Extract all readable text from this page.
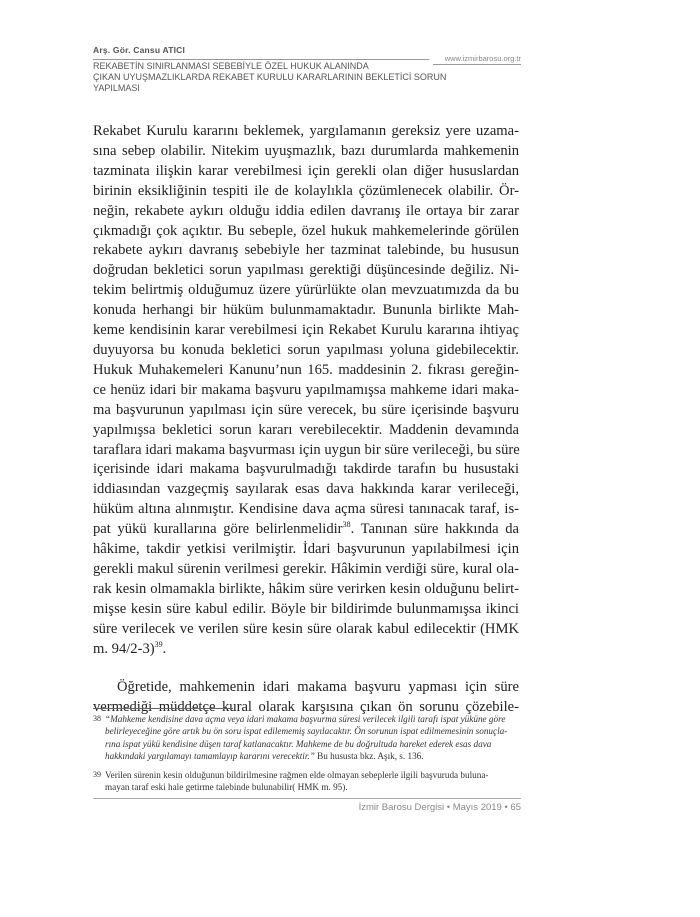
Arş. Gör. Cansu ATICI
www.izmirbarosu.org.tr
REKABETİN SINIRLANMASI SEBEBİYLE ÖZEL HUKUK ALANINDA
ÇIKAN UYUŞMAZLIKLARDA REKABET KURULU KARARLARININ BEKLETİCİ SORUN
YAPILMASI
Rekabet Kurulu kararını beklemek, yargılamanın gereksiz yere uzama-
sına sebep olabilir. Nitekim uyuşmazlık, bazı durumlarda mahkemenin
tazminata ilişkin karar verebilmesi için gerekli olan diğer hususlardan
birinin eksikliğinin tespiti ile de kolaylıkla çözümlenecek olabilir. Ör-
neğin, rekabete aykırı olduğu iddia edilen davranış ile ortaya bir zarar
çıkmadığı çok açıktır. Bu sebeple, özel hukuk mahkemelerinde görülen
rekabete aykırı davranış sebebiyle her tazminat talebinde, bu hususun
doğrudan bekletici sorun yapılması gerektiği düşüncesinde değiliz. Ni-
tekim belirtmiş olduğumuz üzere yürürlükte olan mevzuatımızda da bu
konuda herhangi bir hüküm bulunmamaktadır. Bununla birlikte Mah-
keme kendisinin karar verebilmesi için Rekabet Kurulu kararına ihtiyaç
duyuyorsa bu konuda bekletici sorun yapılması yoluna gidebilecektir.
Hukuk Muhakemeleri Kanunu’nun 165. maddesinin 2. fıkrası gereğin-
ce henüz idari bir makama başvuru yapılmamışsa mahkeme idari maka-
ma başvurunun yapılması için süre verecek, bu süre içerisinde başvuru
yapılmışsa bekletici sorun kararı verebilecektir. Maddenin devamında
taraflara idari makama başvurması için uygun bir süre verileceği, bu süre
içerisinde idari makama başvurulmadığı takdirde tarafın bu husustaki
iddiasından vazgeçmiş sayılarak esas dava hakkında karar verileceği,
hüküm altına alınmıştır. Kendisine dava açma süresi tanınacak taraf, is-
pat yükü kurallarına göre belirlenmelidir$^{38}$. Tanınan süre hakkında da
hâkime, takdir yetkisi verilmiştir. İdari başvurunun yapılabilmesi için
gerekli makul sürenin verilmesi gerekir. Hâkimin verdiği süre, kural ola-
rak kesin olmamakla birlikte, hâkim süre verirken kesin olduğunu belirt-
mişse kesin süre kabul edilir. Böyle bir bildirimde bulunmamışsa ikinci
süre verilecek ve verilen süre kesin süre olarak kabul edilecektir (HMK
m. 94/2-3)$^{39}$.
Öğretide, mahkemenin idari makama başvuru yapması için süre
vermediği müddetçe kural olarak karşısına çıkan ön sorunu çözebile-
38 “Mahkeme kendisine dava açma veya idari makama başvurma süresi verilecek ilgili tarafı ispat yüküne göre
belirleyeceğine göre artık bu ön soru ispat edilememiş sayılacaktır. Ön sorunun ispat edilmemesinin sonuçla-
rına ispat yükü kendisine düşen taraf katlanacaktır. Mahkeme de bu doğrultuda hareket ederek esas dava
hakkındaki yargılamayı tamamlayıp kararını verecektir.” Bu hususta bkz. Aşık, s. 136.
39 Verilen sürenin kesin olduğunun bildirilmesine rağmen elde olmayan sebeplerle ilgili başvuruda buluna-
mayan taraf eski hale getirme talebinde bulunabilir( HMK m. 95).
İzmir Barosu Dergisi • Mayıs 2019 • 65
